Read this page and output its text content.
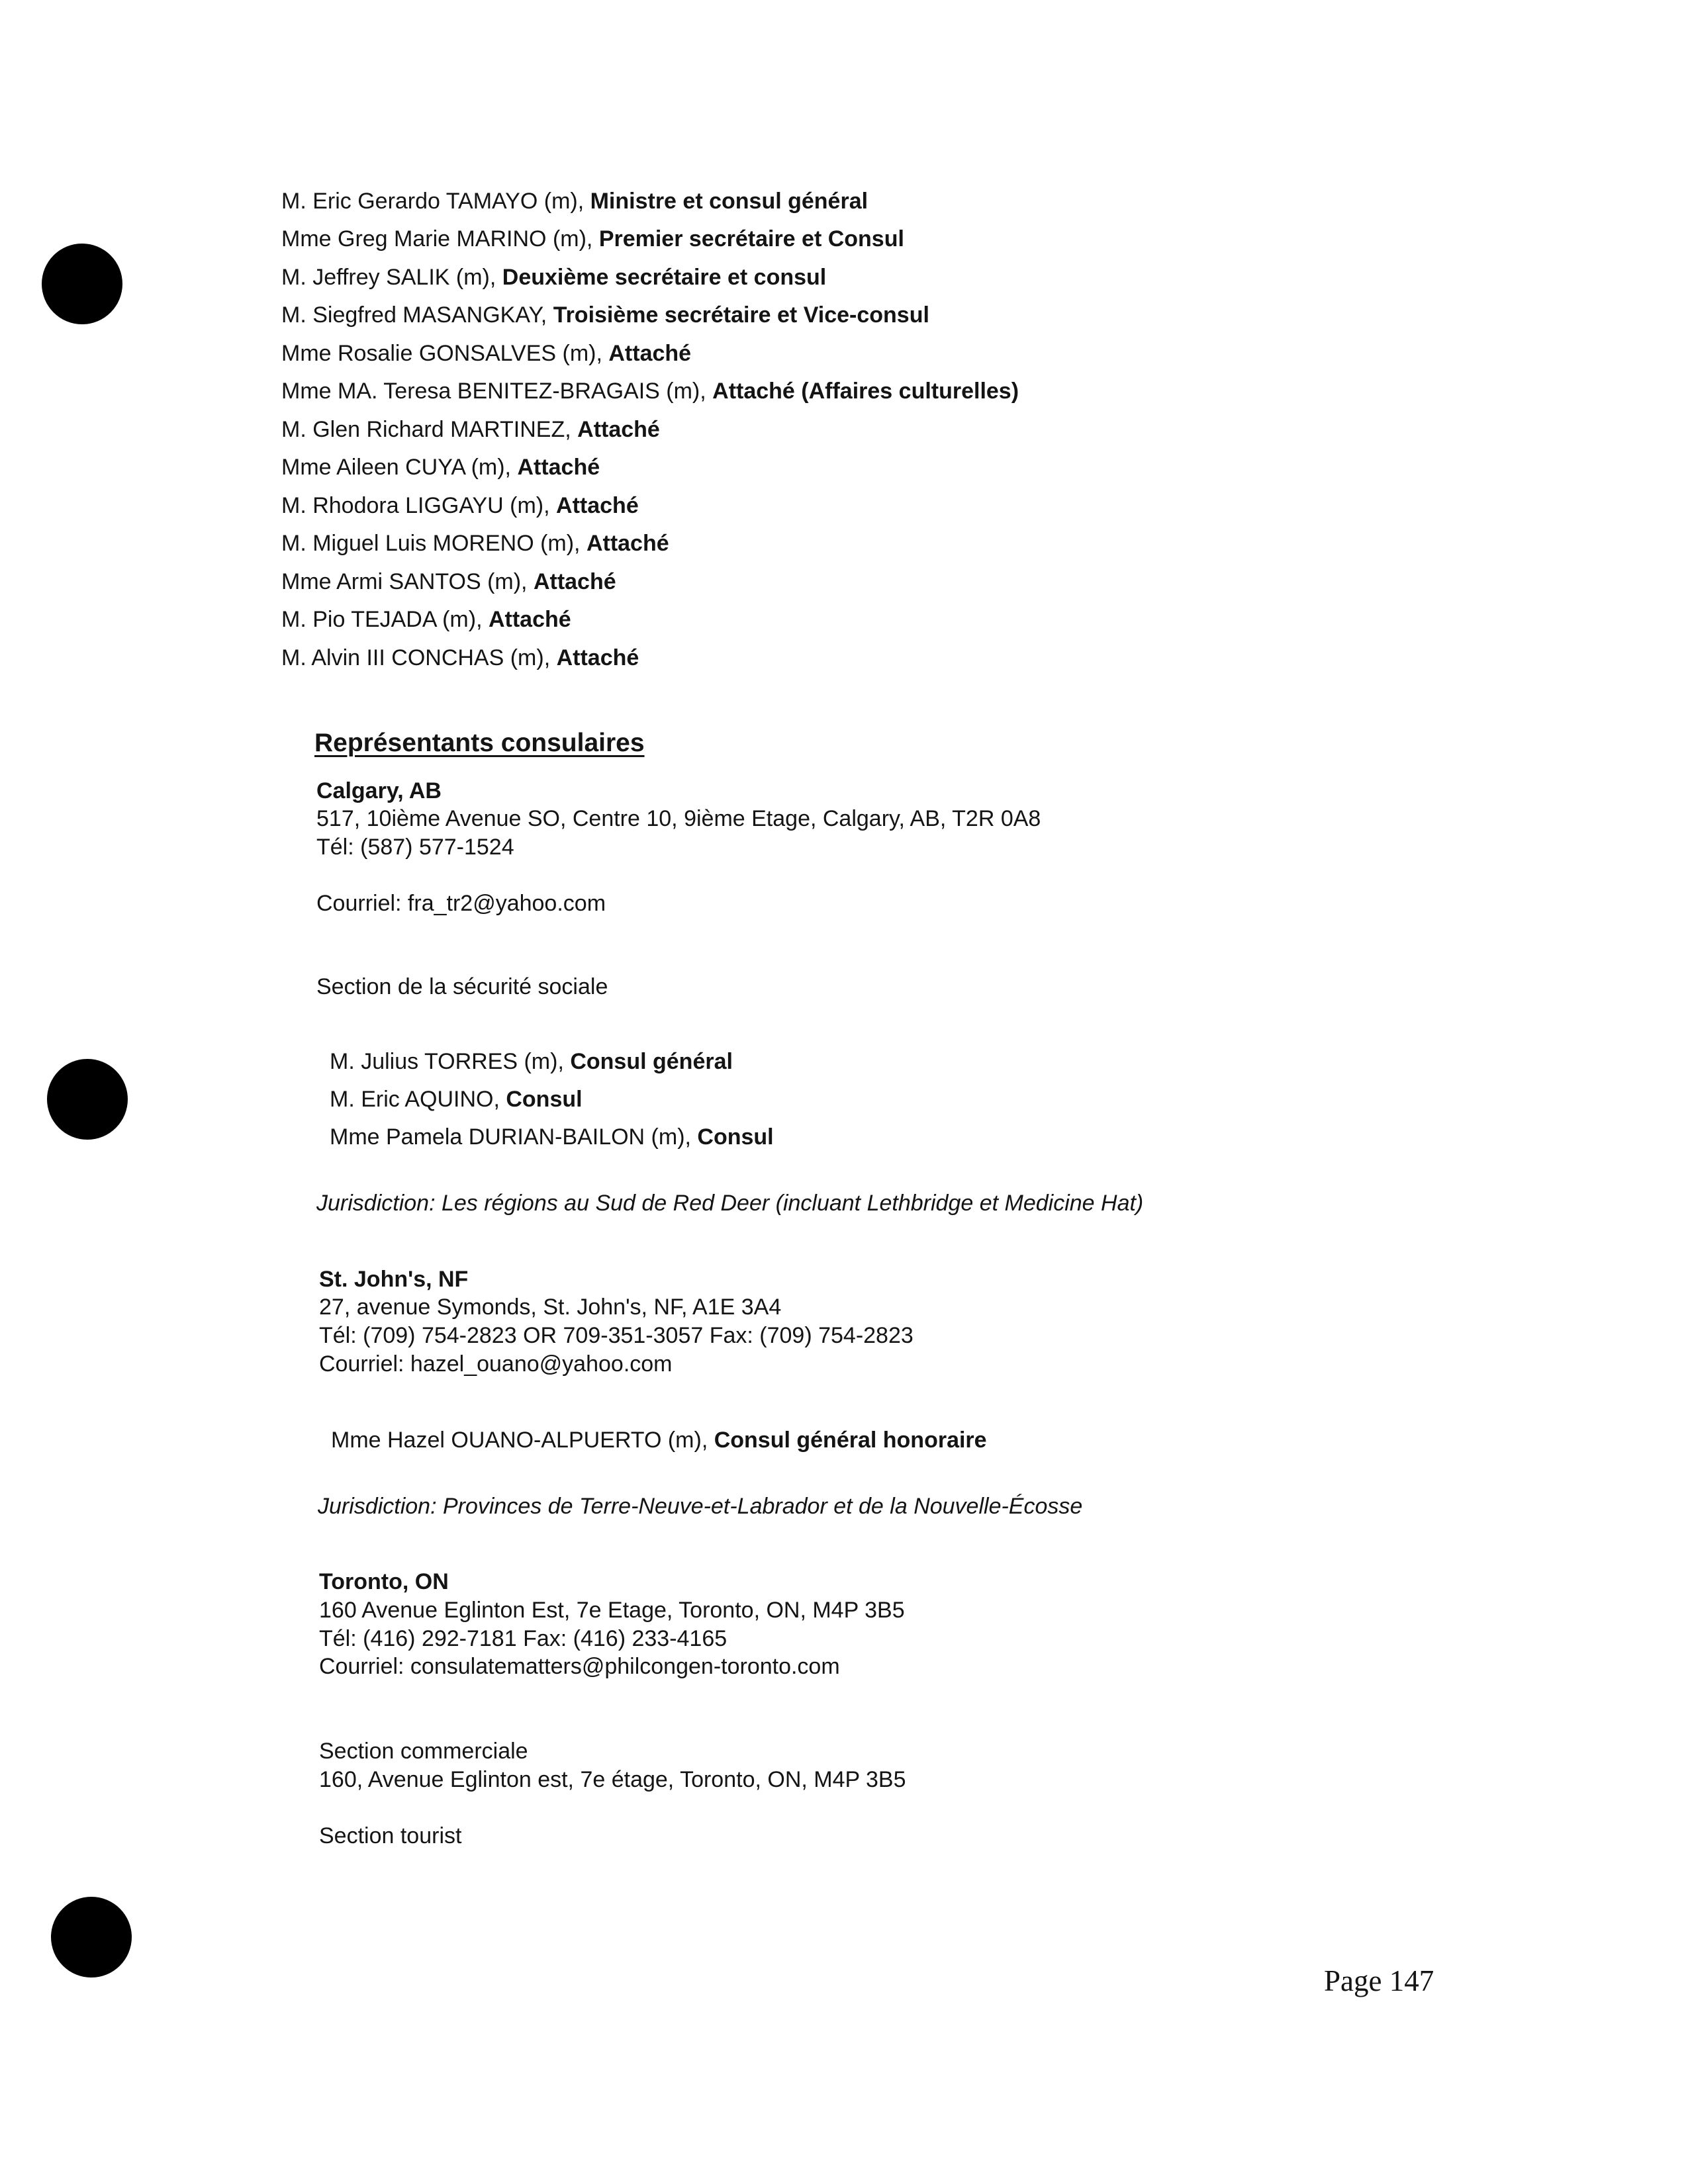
M. Eric Gerardo TAMAYO (m), Ministre et consul général
Mme Greg Marie MARINO (m), Premier secrétaire et Consul
M. Jeffrey SALIK (m), Deuxième secrétaire et consul
M. Siegfred MASANGKAY, Troisième secrétaire et Vice-consul
Mme Rosalie GONSALVES (m), Attaché
Mme MA. Teresa BENITEZ-BRAGAIS (m), Attaché (Affaires culturelles)
M. Glen Richard MARTINEZ, Attaché
Mme Aileen CUYA (m), Attaché
M. Rhodora LIGGAYU (m), Attaché
M. Miguel Luis MORENO (m), Attaché
Mme Armi SANTOS (m), Attaché
M. Pio TEJADA (m), Attaché
M. Alvin III CONCHAS (m), Attaché
Représentants consulaires
Calgary, AB
517, 10ième Avenue SO, Centre 10, 9ième Etage, Calgary, AB, T2R 0A8
Tél: (587) 577-1524
Courriel: fra_tr2@yahoo.com
Section de la sécurité sociale
M. Julius TORRES (m), Consul général
M. Eric AQUINO, Consul
Mme Pamela DURIAN-BAILON (m), Consul
Jurisdiction: Les régions au Sud de Red Deer (incluant Lethbridge et Medicine Hat)
St. John's, NF
27, avenue Symonds, St. John's, NF, A1E 3A4
Tél: (709) 754-2823 OR 709-351-3057 Fax: (709) 754-2823
Courriel: hazel_ouano@yahoo.com
Mme Hazel OUANO-ALPUERTO (m), Consul général honoraire
Jurisdiction: Provinces de Terre-Neuve-et-Labrador et de la Nouvelle-Écosse
Toronto, ON
160 Avenue Eglinton Est, 7e Etage, Toronto, ON, M4P 3B5
Tél: (416) 292-7181 Fax: (416) 233-4165
Courriel: consulatematters@philcongen-toronto.com
Section commerciale
160, Avenue Eglinton est, 7e étage, Toronto, ON, M4P 3B5
Section tourist
Page 147
